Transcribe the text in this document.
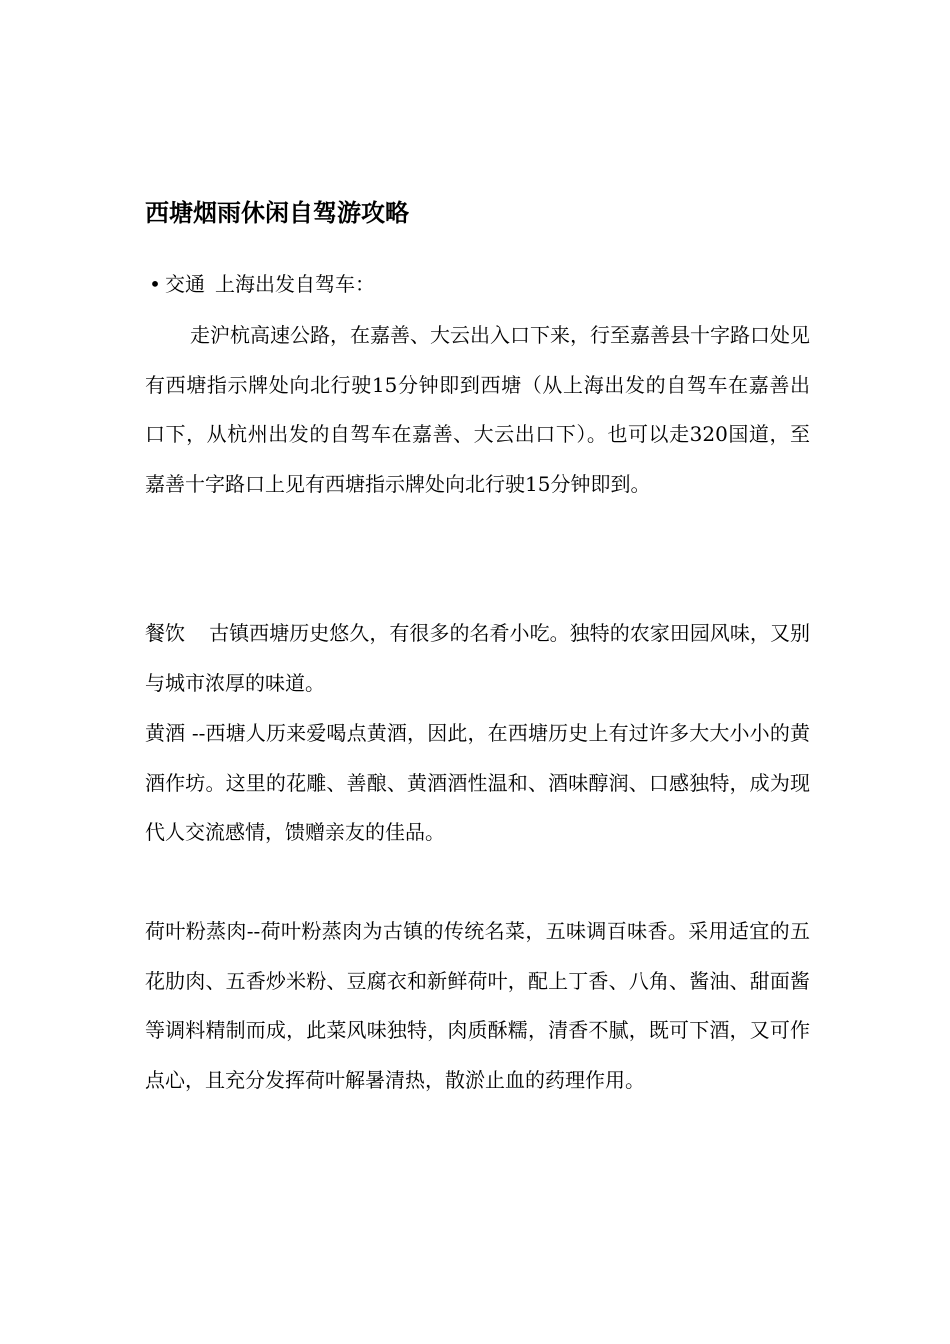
西塘烟雨休闲自驾游攻略

• 交通 上海出发自驾车：

走沪杭高速公路，在嘉善、大云出入口下来，行至嘉善县十字路口处见有西塘指示牌处向北行驶15分钟即到西塘（从上海出发的自驾车在嘉善出口下，从杭州出发的自驾车在嘉善、大云出口下）。也可以走320国道，至嘉善十字路口上见有西塘指示牌处向北行驶15分钟即到。

餐饮 古镇西塘历史悠久，有很多的名肴小吃。独特的农家田园风味，又别与城市浓厚的味道。

黄酒 --西塘人历来爱喝点黄酒，因此，在西塘历史上有过许多大大小小的黄酒作坊。这里的花雕、善酿、黄酒酒性温和、酒味醇润、口感独特，成为现代人交流感情，馈赠亲友的佳品。

荷叶粉蒸肉--荷叶粉蒸肉为古镇的传统名菜，五味调百味香。采用适宜的五花肋肉、五香炒米粉、豆腐衣和新鲜荷叶，配上丁香、八角、酱油、甜面酱等调料精制而成，此菜风味独特，肉质酥糯，清香不腻，既可下酒，又可作点心，且充分发挥荷叶解暑清热，散淤止血的药理作用。
